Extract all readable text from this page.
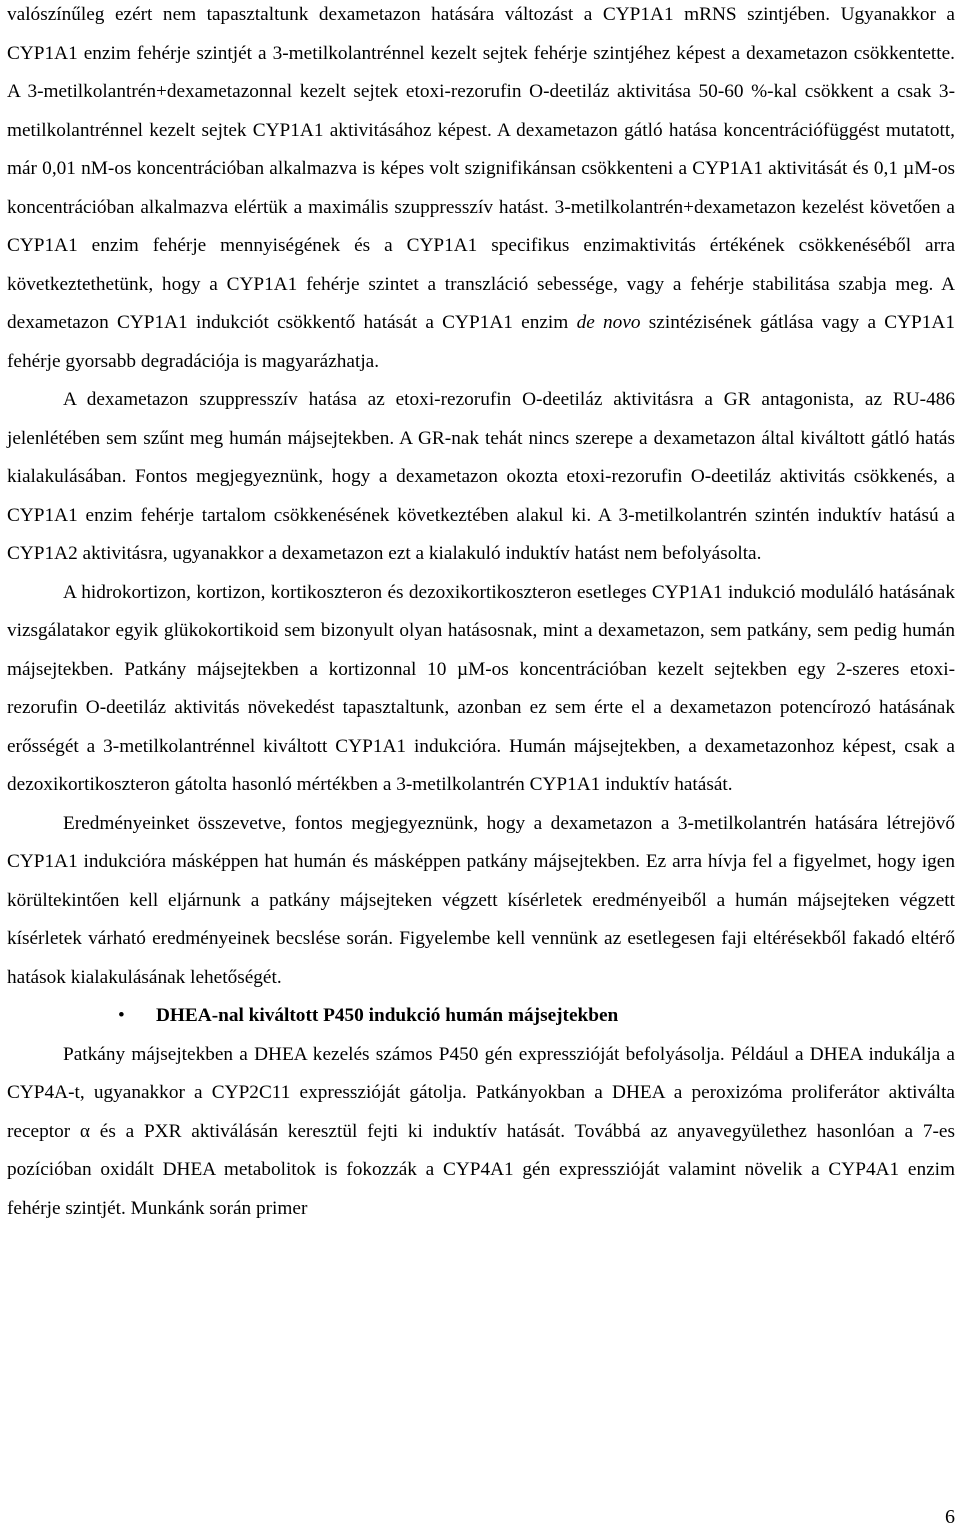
valószínűleg ezért nem tapasztaltunk dexametazon hatására változást a CYP1A1 mRNS szintjében. Ugyanakkor a CYP1A1 enzim fehérje szintjét a 3-metilkolantrénnel kezelt sejtek fehérje szintjéhez képest a dexametazon csökkentette. A 3-metilkolantrén+dexametazonnal kezelt sejtek etoxi-rezorufin O-deetiláz aktivitása 50-60 %-kal csökkent a csak 3-metilkolantrénnel kezelt sejtek CYP1A1 aktivitásához képest. A dexametazon gátló hatása koncentrációfüggést mutatott, már 0,01 nM-os koncentrációban alkalmazva is képes volt szignifikánsan csökkenteni a CYP1A1 aktivitását és 0,1 µM-os koncentrációban alkalmazva elértük a maximális szuppresszív hatást. 3-metilkolantrén+dexametazon kezelést követően a CYP1A1 enzim fehérje mennyiségének és a CYP1A1 specifikus enzimaktivitás értékének csökkenéséből arra következtethetünk, hogy a CYP1A1 fehérje szintet a transzláció sebessége, vagy a fehérje stabilitása szabja meg. A dexametazon CYP1A1 indukciót csökkentő hatását a CYP1A1 enzim de novo szintézisének gátlása vagy a CYP1A1 fehérje gyorsabb degradációja is magyarázhatja.

A dexametazon szuppresszív hatása az etoxi-rezorufin O-deetiláz aktivitásra a GR antagonista, az RU-486 jelenlétében sem szűnt meg humán májsejtekben. A GR-nak tehát nincs szerepe a dexametazon által kiváltott gátló hatás kialakulásában. Fontos megjegyeznünk, hogy a dexametazon okozta etoxi-rezorufin O-deetiláz aktivitás csökkenés, a CYP1A1 enzim fehérje tartalom csökkenésének következtében alakul ki. A 3-metilkolantrén szintén induktív hatású a CYP1A2 aktivitásra, ugyanakkor a dexametazon ezt a kialakuló induktív hatást nem befolyásolta.

A hidrokortizon, kortizon, kortikoszteron és dezoxikortikoszteron esetleges CYP1A1 indukció moduláló hatásának vizsgálatakor egyik glükokortikoid sem bizonyult olyan hatásosnak, mint a dexametazon, sem patkány, sem pedig humán májsejtekben. Patkány májsejtekben a kortizonnal 10 µM-os koncentrációban kezelt sejtekben egy 2-szeres etoxi-rezorufin O-deetiláz aktivitás növekedést tapasztaltunk, azonban ez sem érte el a dexametazon potencírozó hatásának erősségét a 3-metilkolantrénnel kiváltott CYP1A1 indukcióra. Humán májsejtekben, a dexametazonhoz képest, csak a dezoxikortikoszteron gátolta hasonló mértékben a 3-metilkolantrén CYP1A1 induktív hatását.

Eredményeinket összevetve, fontos megjegyeznünk, hogy a dexametazon a 3-metilkolantrén hatására létrejövő CYP1A1 indukcióra másképpen hat humán és másképpen patkány májsejtekben. Ez arra hívja fel a figyelmet, hogy igen körültekintően kell eljárnunk a patkány májsejteken végzett kísérletek eredményeiből a humán májsejteken végzett kísérletek várható eredményeinek becslése során. Figyelembe kell vennünk az esetlegesen faji eltérésekből fakadó eltérő hatások kialakulásának lehetőségét.

•	DHEA-nal kiváltott P450 indukció humán májsejtekben

Patkány májsejtekben a DHEA kezelés számos P450 gén expresszióját befolyásolja. Például a DHEA indukálja a CYP4A-t, ugyanakkor a CYP2C11 expresszióját gátolja. Patkányokban a DHEA a peroxizóma proliferátor aktiválta receptor α és a PXR aktiválásán keresztül fejti ki induktív hatását. Továbbá az anyavegyülethez hasonlóan a 7-es pozícióban oxidált DHEA metabolitok is fokozzák a CYP4A1 gén expresszióját valamint növelik a CYP4A1 enzim fehérje szintjét. Munkánk során primer

6
